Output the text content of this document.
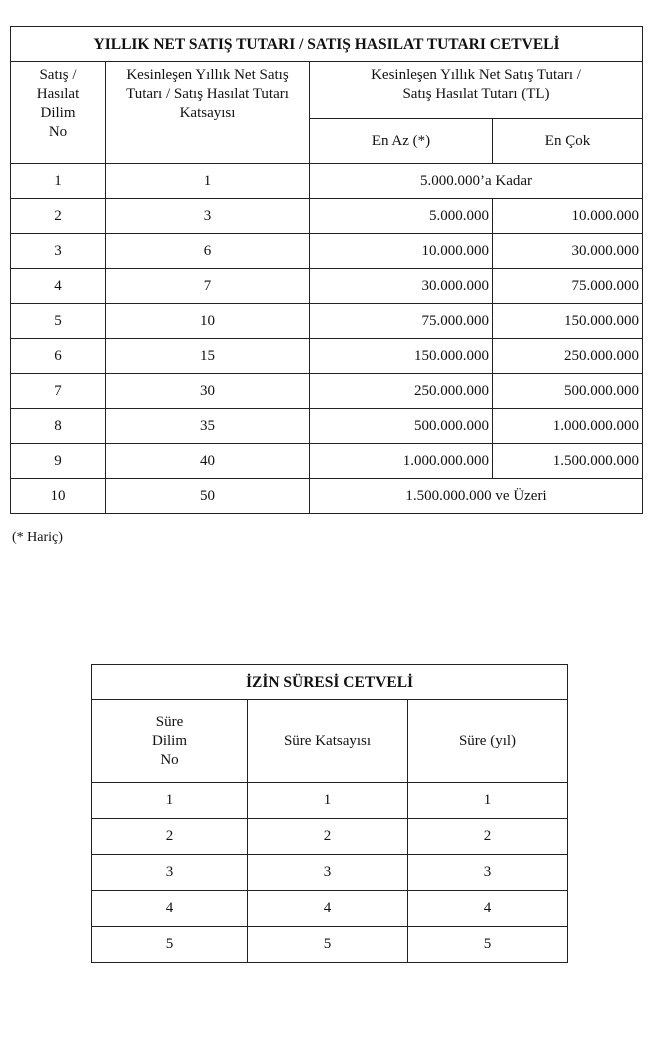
YILLIK NET SATIŞ TUTARI / SATIŞ HASILAT TUTARI CETVELİ			

Satış /
Hasılat
Dilim
No	Kesinleşen Yıllık Net Satış
Tutarı / Satış Hasılat Tutarı
Katsayısı	Kesinleşen Yıllık Net Satış Tutarı /
Satış Hasılat Tutarı (TL)	

		En Az (*)	En Çok
1	1	5.000.000’a Kadar	
2	3	5.000.000	10.000.000
3	6	10.000.000	30.000.000
4	7	30.000.000	75.000.000
5	10	75.000.000	150.000.000
6	15	150.000.000	250.000.000
7	30	250.000.000	500.000.000
8	35	500.000.000	1.000.000.000
9	40	1.000.000.000	1.500.000.000
10	50	1.500.000.000 ve Üzeri	
(* Hariç)
İZİN SÜRESİ CETVELİ		

Süre
Dilim
No	Süre Katsayısı	Süre (yıl)
1	1	1
2	2	2
3	3	3
4	4	4
5	5	5
